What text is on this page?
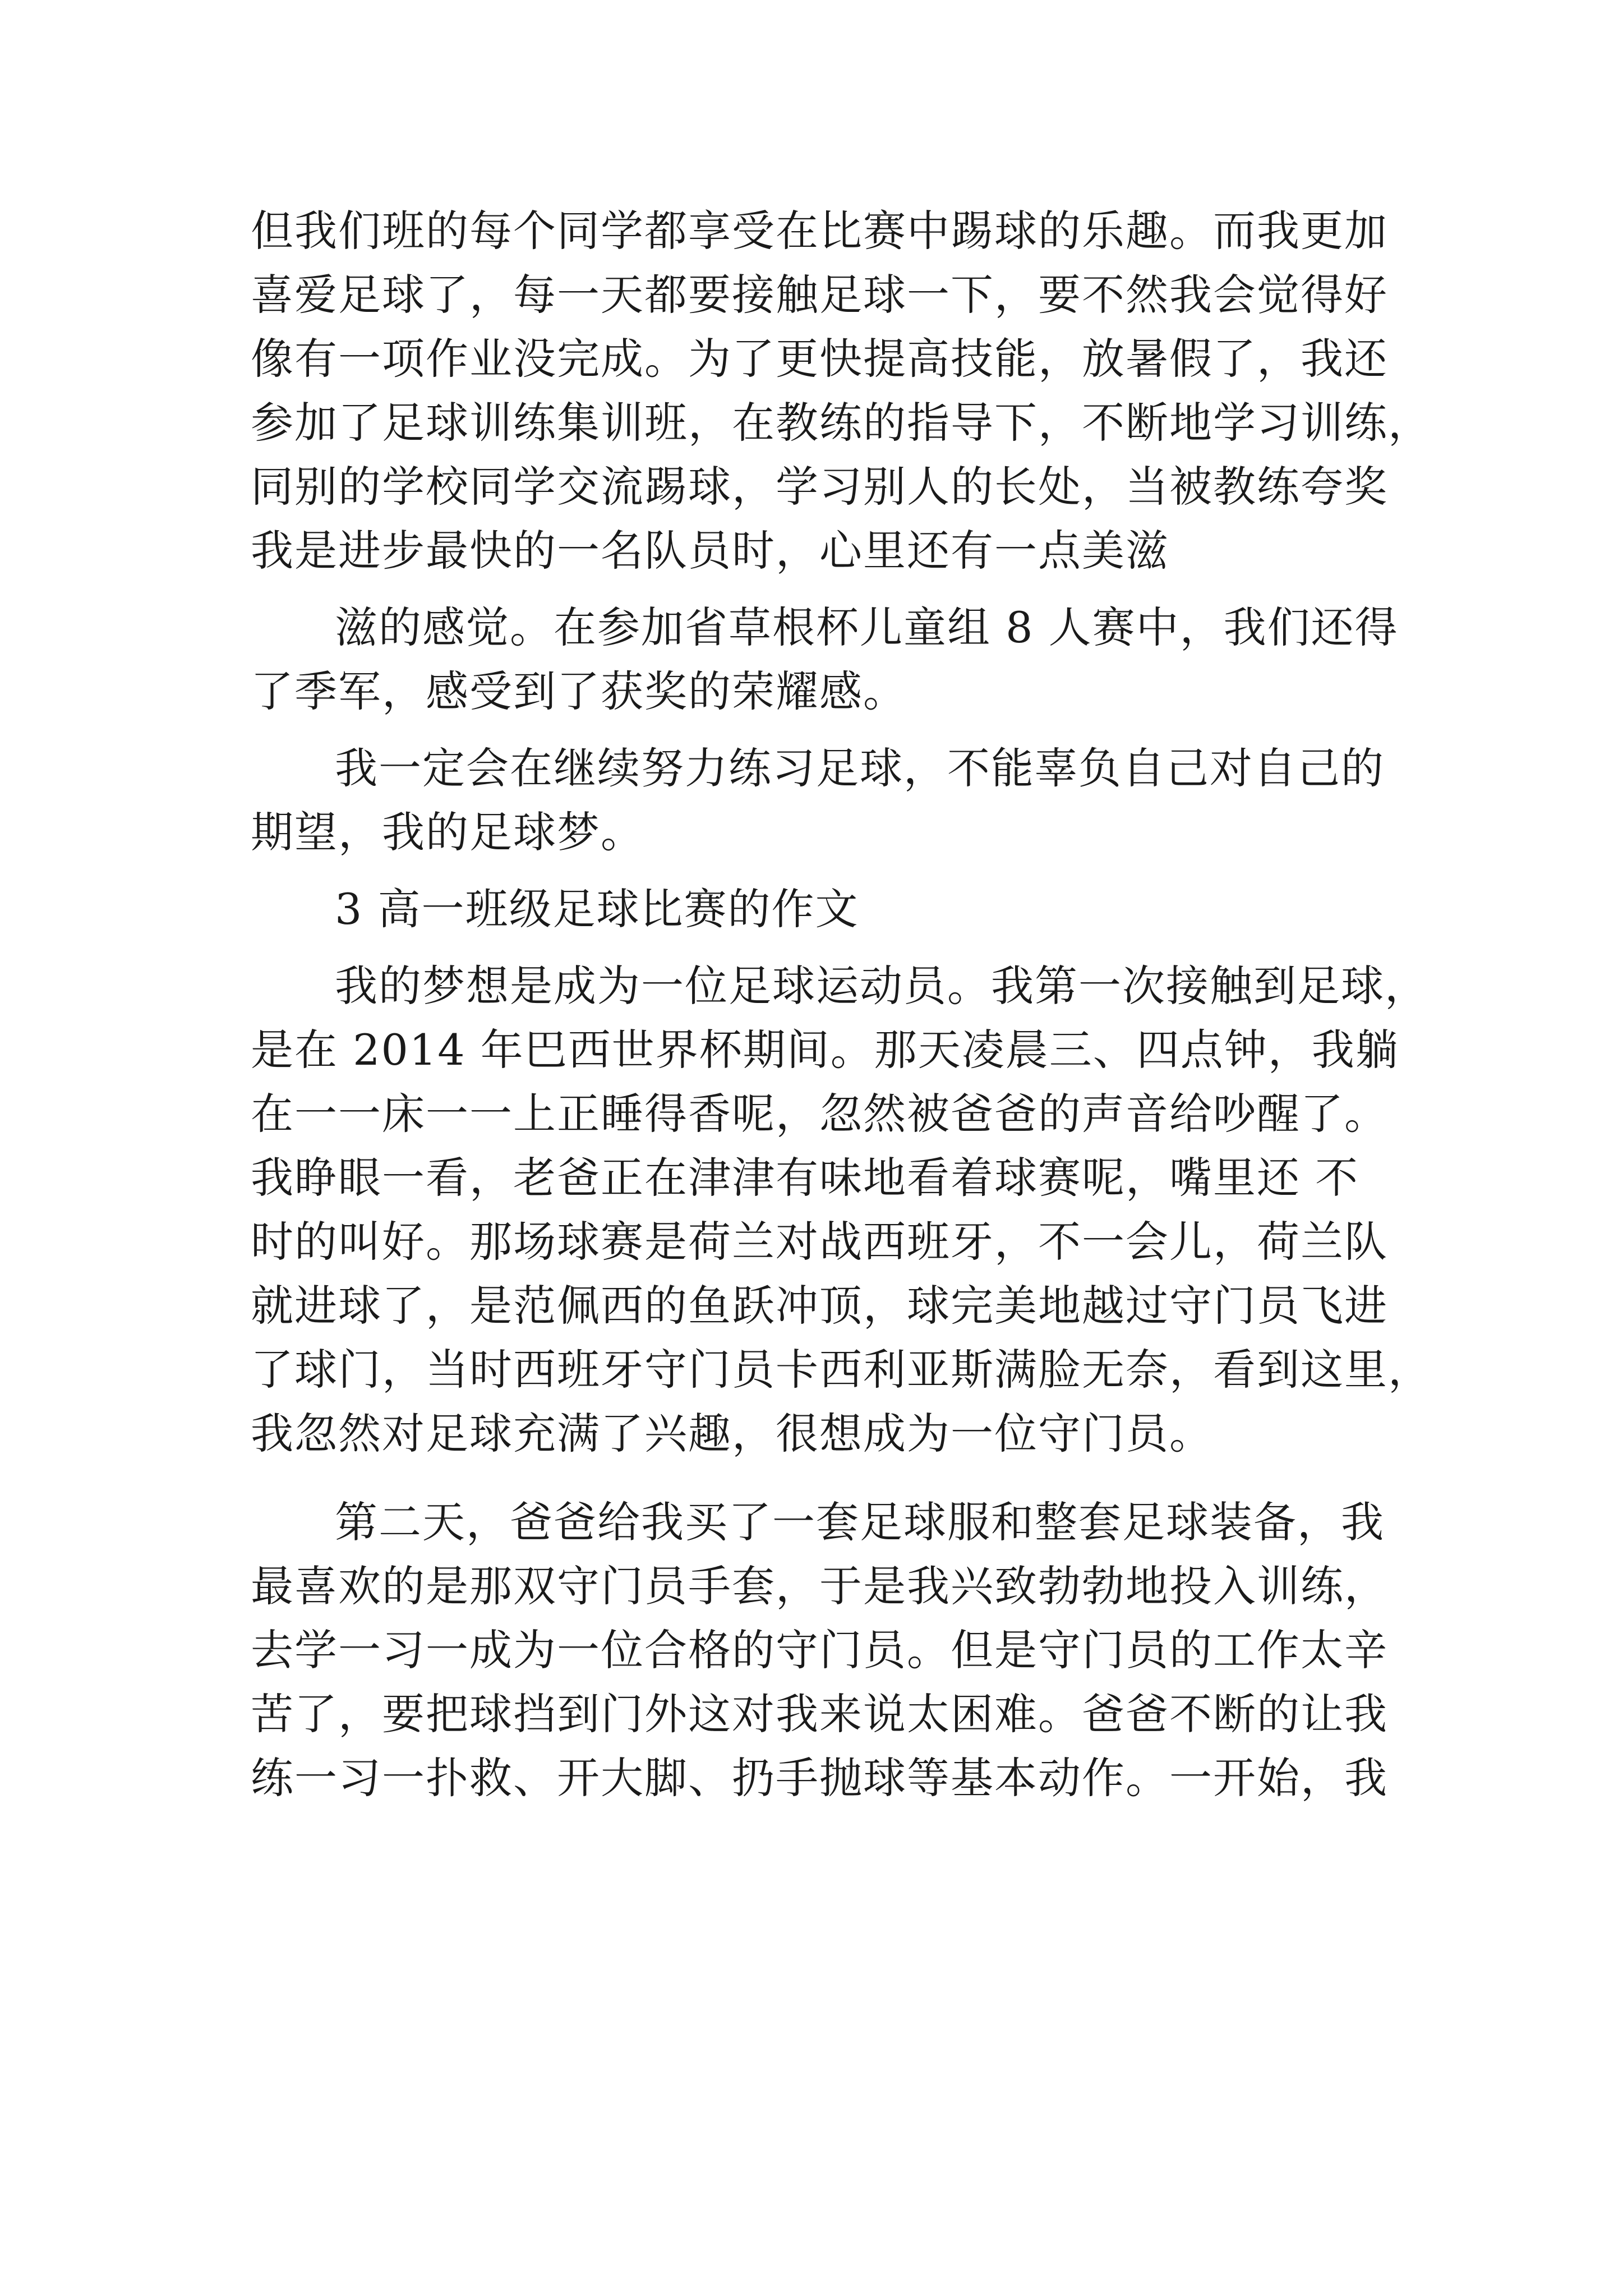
但我们班的每个同学都享受在比赛中踢球的乐趣。而我更加
喜爱足球了，每一天都要接触足球一下，要不然我会觉得好
像有一项作业没完成。为了更快提高技能，放暑假了，我还
参加了足球训练集训班，在教练的指导下，不断地学习训练，
同别的学校同学交流踢球，学习别人的长处，当被教练夸奖
我是进步最快的一名队员时，心里还有一点美滋
滋的感觉。在参加省草根杯儿童组 8 人赛中，我们还得
了季军，感受到了获奖的荣耀感。
我一定会在继续努力练习足球，不能辜负自己对自己的
期望，我的足球梦。
3 高一班级足球比赛的作文
我的梦想是成为一位足球运动员。我第一次接触到足球，
是在 2014 年巴西世界杯期间。那天凌晨三、四点钟，我躺
在一一床一一上正睡得香呢，忽然被爸爸的声音给吵醒了。
我睁眼一看，老爸正在津津有味地看着球赛呢，嘴里还 不
时的叫好。那场球赛是荷兰对战西班牙，不一会儿，荷兰队
就进球了，是范佩西的鱼跃冲顶，球完美地越过守门员飞进
了球门，当时西班牙守门员卡西利亚斯满脸无奈，看到这里，
我忽然对足球充满了兴趣，很想成为一位守门员。
第二天，爸爸给我买了一套足球服和整套足球装备，我
最喜欢的是那双守门员手套，于是我兴致勃勃地投入训练，
去学一习一成为一位合格的守门员。但是守门员的工作太辛
苦了，要把球挡到门外这对我来说太困难。爸爸不断的让我
练一习一扑救、开大脚、扔手抛球等基本动作。一开始，我
